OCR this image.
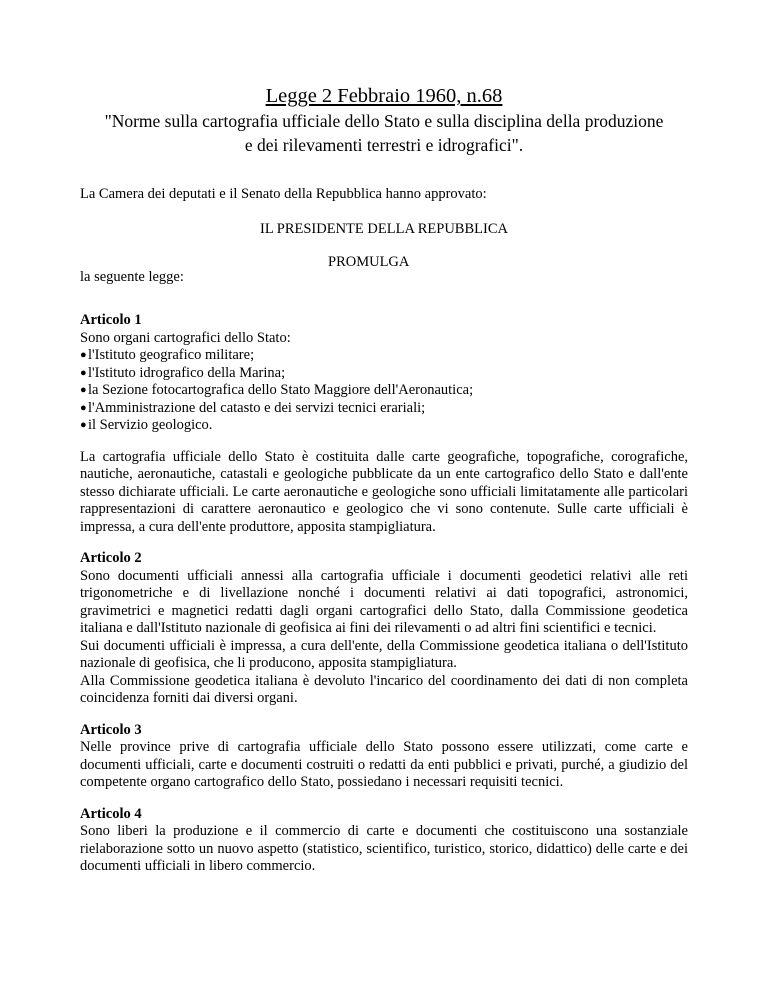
Legge 2 Febbraio 1960, n.68
"Norme sulla cartografia ufficiale dello Stato e sulla disciplina della produzione e dei rilevamenti terrestri e idrografici".
La Camera dei deputati e il Senato della Repubblica hanno approvato:
IL PRESIDENTE DELLA REPUBBLICA
PROMULGA
la seguente legge:
Articolo 1
Sono organi cartografici dello Stato:
● l'Istituto geografico militare;
● l'Istituto idrografico della Marina;
● la Sezione fotocartografica dello Stato Maggiore dell'Aeronautica;
● l'Amministrazione del catasto e dei servizi tecnici erariali;
● il Servizio geologico.

La cartografia ufficiale dello Stato è costituita dalle carte geografiche, topografiche, corografiche, nautiche, aeronautiche, catastali e geologiche pubblicate da un ente cartografico dello Stato e dall'ente stesso dichiarate ufficiali. Le carte aeronautiche e geologiche sono ufficiali limitatamente alle particolari rappresentazioni di carattere aeronautico e geologico che vi sono contenute. Sulle carte ufficiali è impressa, a cura dell'ente produttore, apposita stampigliatura.

Articolo 2
Sono documenti ufficiali annessi alla cartografia ufficiale i documenti geodetici relativi alle reti trigonometriche e di livellazione nonché i documenti relativi ai dati topografici, astronomici, gravimetrici e magnetici redatti dagli organi cartografici dello Stato, dalla Commissione geodetica italiana e dall'Istituto nazionale di geofisica ai fini dei rilevamenti o ad altri fini scientifici e tecnici.
Sui documenti ufficiali è impressa, a cura dell'ente, della Commissione geodetica italiana o dell'Istituto nazionale di geofisica, che li producono, apposita stampigliatura.
Alla Commissione geodetica italiana è devoluto l'incarico del coordinamento dei dati di non completa coincidenza forniti dai diversi organi.
Articolo 3
Nelle province prive di cartografia ufficiale dello Stato possono essere utilizzati, come carte e documenti ufficiali, carte e documenti costruiti o redatti da enti pubblici e privati, purché, a giudizio del competente organo cartografico dello Stato, possiedano i necessari requisiti tecnici.
Articolo 4
Sono liberi la produzione e il commercio di carte e documenti che costituiscono una sostanziale rielaborazione sotto un nuovo aspetto (statistico, scientifico, turistico, storico, didattico) delle carte e dei documenti ufficiali in libero commercio.
